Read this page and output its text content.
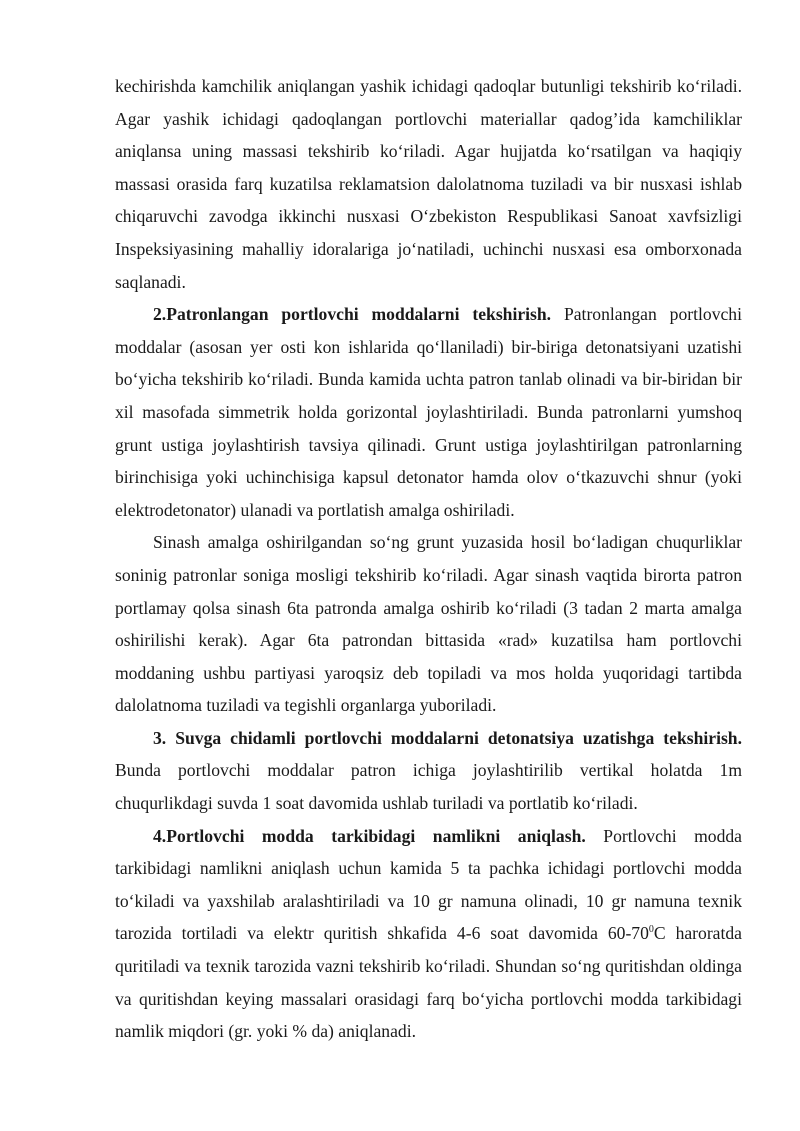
kechirishda kamchilik aniqlangan yashik ichidagi qadoqlar butunligi tekshirib ko‘riladi. Agar yashik ichidagi qadoqlangan portlovchi materiallar qadog’ida kamchiliklar aniqlansa uning massasi tekshirib ko‘riladi. Agar hujjatda ko‘rsatilgan va haqiqiy massasi orasida farq kuzatilsa reklamatsion dalolatnoma tuziladi va bir nusxasi ishlab chiqaruvchi zavodga ikkinchi nusxasi O‘zbekiston Respublikasi Sanoat xavfsizligi Inspeksiyasining mahalliy idoralariga jo‘natiladi, uchinchi nusxasi esa omborxonada saqlanadi.

2.Patronlangan portlovchi moddalarni tekshirish. Patronlangan portlovchi moddalar (asosan yer osti kon ishlarida qo‘llaniladi) bir-biriga detonatsiyani uzatishi bo‘yicha tekshirib ko‘riladi. Bunda kamida uchta patron tanlab olinadi va bir-biridan bir xil masofada simmetrik holda gorizontal joylashtiriladi. Bunda patronlarni yumshoq grunt ustiga joylashtirish tavsiya qilinadi. Grunt ustiga joylashtirilgan patronlarning birinchisiga yoki uchinchisiga kapsul detonator hamda olov o‘tkazuvchi shnur (yoki elektrodetonator) ulanadi va portlatish amalga oshiriladi.

Sinash amalga oshirilgandan so‘ng grunt yuzasida hosil bo‘ladigan chuqurliklar soninig patronlar soniga mosligi tekshirib ko‘riladi. Agar sinash vaqtida birorta patron portlamay qolsa sinash 6ta patronda amalga oshirib ko‘riladi (3 tadan 2 marta amalga oshirilishi kerak). Agar 6ta patrondan bittasida «rad» kuzatilsa ham portlovchi moddaning ushbu partiyasi yaroqsiz deb topiladi va mos holda yuqoridagi tartibda dalolatnoma tuziladi va tegishli organlarga yuboriladi.

3. Suvga chidamli portlovchi moddalarni detonatsiya uzatishga tekshirish. Bunda portlovchi moddalar patron ichiga joylashtirilib vertikal holatda 1m chuqurlikdagi suvda 1 soat davomida ushlab turiladi va portlatib ko‘riladi.

4.Portlovchi modda tarkibidagi namlikni aniqlash. Portlovchi modda tarkibidagi namlikni aniqlash uchun kamida 5 ta pachka ichidagi portlovchi modda to‘kiladi va yaxshilab aralashtiriladi va 10 gr namuna olinadi, 10 gr namuna texnik tarozida tortiladi va elektr quritish shkafida 4-6 soat davomida $60-70^0C$ haroratda quritiladi va texnik tarozida vazni tekshirib ko‘riladi. Shundan so‘ng quritishdan oldinga va quritishdan keying massalari orasidagi farq bo‘yicha portlovchi modda tarkibidagi namlik miqdori (gr. yoki % da) aniqlanadi.
